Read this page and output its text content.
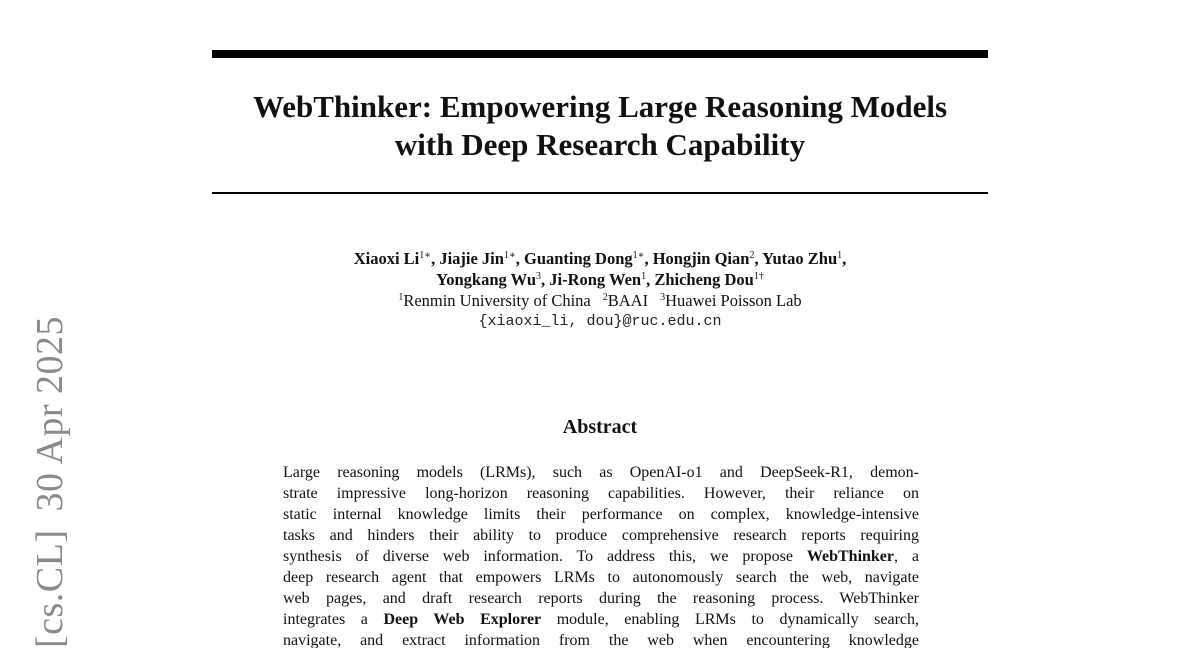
[cs.CL]30 Apr 2025
WebThinker: Empowering Large Reasoning Models
with Deep Research Capability
Xiaoxi $Li^{1∗}$, Jiajie Jin$^{1∗}$, Guanting Dong$^{1∗}$, Hongjin Qian$^2$, Yutao Zhu$^1$,
Yongkang Wu$^3$, Ji-Rong Wen$^1$, Zhicheng Dou$^{1\dagger}$
$^1$Renmin University of China $^2$BAAI $^3$Huawei Poisson Lab
{xiaoxi_li, dou}@ruc.edu.cn
Abstract
Large reasoning models (LRMs), such as OpenAI-o1 and DeepSeek-R1, demon-
strate impressive long-horizon reasoning capabilities. However, their reliance on
static internal knowledge limits their performance on complex, knowledge-intensive
tasks and hinders their ability to produce comprehensive research reports requiring
synthesis of diverse web information. To address this, we propose WebThinker, a
deep research agent that empowers LRMs to autonomously search the web, navigate
web pages, and draft research reports during the reasoning process. WebThinker
integrates a Deep Web Explorer module, enabling LRMs to dynamically search,
navigate, and extract information from the web when encountering knowledge
